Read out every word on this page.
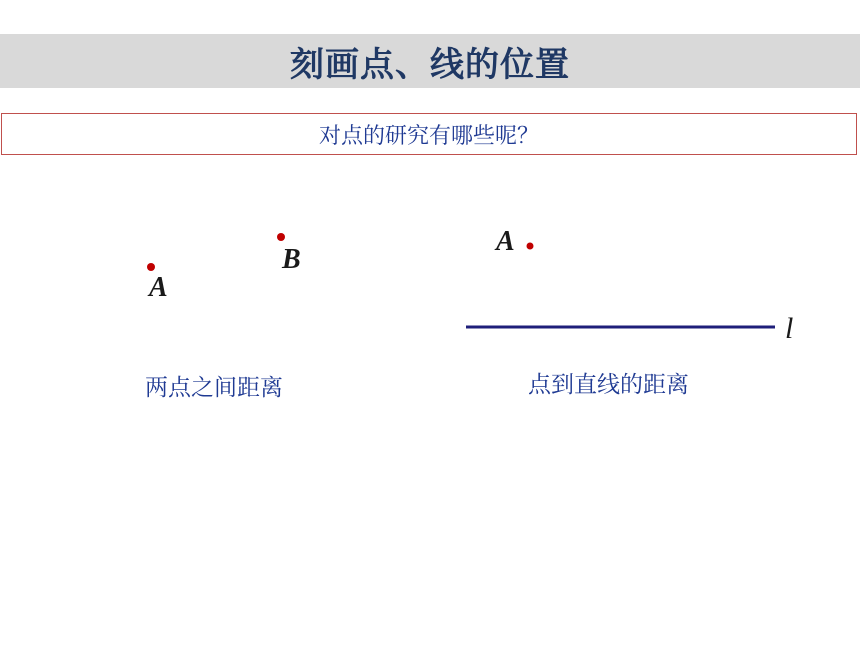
刻画点、线的位置
对点的研究有哪些呢？
A
B
两点之间距离
A
l
点到直线的距离
